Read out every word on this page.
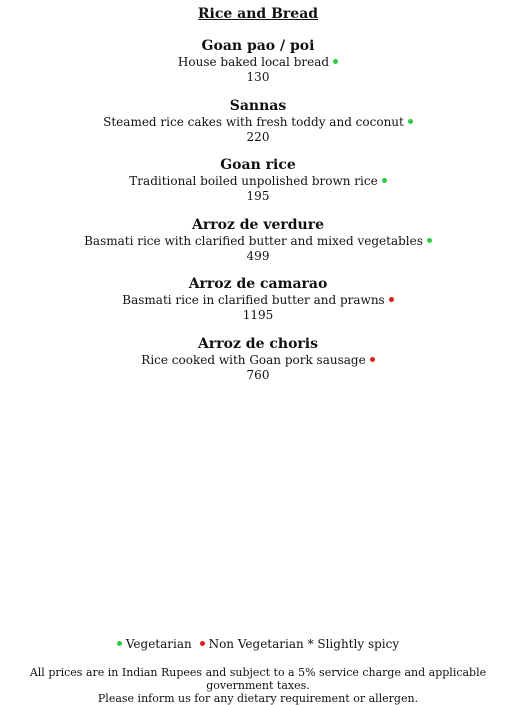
Rice and Bread
Goan pao / poi
House baked local bread
130
Sannas
Steamed rice cakes with fresh toddy and coconut
220
Goan rice
Traditional boiled unpolished brown rice
195
Arroz de verdure
Basmati rice with clarified butter and mixed vegetables
499
Arroz de camarao
Basmati rice in clarified butter and prawns
1195
Arroz de choris
Rice cooked with Goan pork sausage
760
Vegetarian Non Vegetarian * Slightly spicy
All prices are in Indian Rupees and subject to a 5% service charge and applicable government taxes.
Please inform us for any dietary requirement or allergen.
